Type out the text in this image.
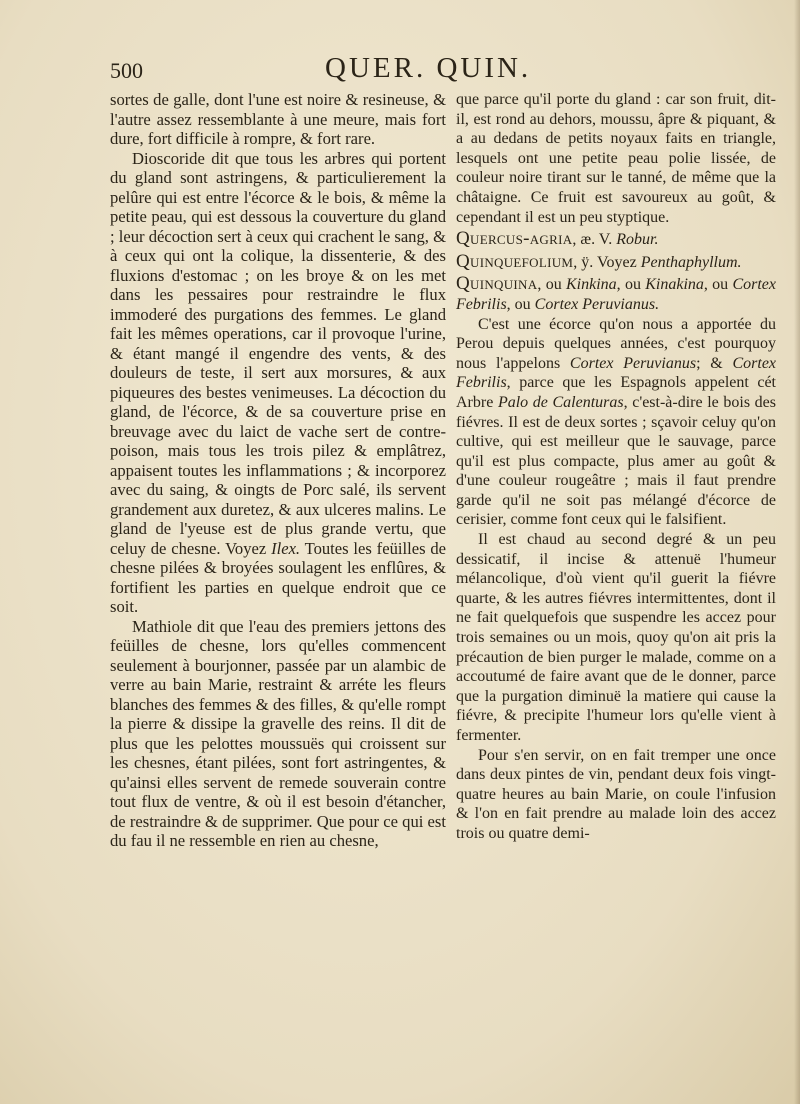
500	QUER. QUIN.

sortes de galle, dont l'une est noire & resineuse, & l'autre assez ressemblante à une meure, mais fort dure, fort difficile à rompre, & fort rare.

Dioscoride dit que tous les arbres qui portent du gland sont astringens, & particulierement la pelûre qui est entre l'écorce & le bois, & même la petite peau, qui est dessous la couverture du gland ; leur décoction sert à ceux qui crachent le sang, & à ceux qui ont la colique, la dissenterie, & des fluxions d'estomac ; on les broye & on les met dans les pessaires pour restraindre le flux immoderé des purgations des femmes. Le gland fait les mêmes operations, car il provoque l'urine, & étant mangé il engendre des vents, & des douleurs de teste, il sert aux morsures, & aux piqueures des bestes venimeuses. La décoction du gland, de l'écorce, & de sa couverture prise en breuvage avec du laict de vache sert de contre-poison, mais tous les trois pilez & emplâtrez, appaisent toutes les inflammations ; & incorporez avec du saing, & oingts de Porc salé, ils servent grandement aux duretez, & aux ulceres malins. Le gland de l'yeuse est de plus grande vertu, que celuy de chesne. Voyez Ilex. Toutes les feüilles de chesne pilées & broyées soulagent les enflûres, & fortifient les parties en quelque endroit que ce soit.

Mathiole dit que l'eau des premiers jettons des feüilles de chesne, lors qu'elles commencent seulement à bourjonner, passée par un alambic de verre au bain Marie, restraint & arréte les fleurs blanches des femmes & des filles, & qu'elle rompt la pierre & dissipe la gravelle des reins. Il dit de plus que les pelottes moussuës qui croissent sur les chesnes, étant pilées, sont fort astringentes, & qu'ainsi elles servent de remede souverain contre tout flux de ventre, & où il est besoin d'étancher, de restraindre & de supprimer. Que pour ce qui est du fau il ne ressemble en rien au chesne,

que parce qu'il porte du gland : car son fruit, dit-il, est rond au dehors, moussu, âpre & piquant, & a au dedans de petits noyaux faits en triangle, lesquels ont une petite peau polie lissée, de couleur noire tirant sur le tanné, de même que la châtaigne. Ce fruit est savoureux au goût, & cependant il est un peu styptique.

Quercus-agria, æ. V. Robur.

Quinquefolium, ÿ. Voyez Penthaphyllum.

Quinquina, ou Kinkina, ou Kinakina, ou Cortex Febrilis, ou Cortex Peruvianus.

C'est une écorce qu'on nous a apportée du Perou depuis quelques années, c'est pourquoy nous l'appelons Cortex Peruvianus; & Cortex Febrilis, parce que les Espagnols appelent cét Arbre Palo de Calenturas, c'est-à-dire le bois des fiévres. Il est de deux sortes ; sçavoir celuy qu'on cultive, qui est meilleur que le sauvage, parce qu'il est plus compacte, plus amer au goût & d'une couleur rougeâtre ; mais il faut prendre garde qu'il ne soit pas mélangé d'écorce de cerisier, comme font ceux qui le falsifient.

Il est chaud au second degré & un peu dessicatif, il incise & attenuë l'humeur mélancolique, d'où vient qu'il guerit la fiévre quarte, & les autres fiévres intermittentes, dont il ne fait quelquefois que suspendre les accez pour trois semaines ou un mois, quoy qu'on ait pris la précaution de bien purger le malade, comme on a accoutumé de faire avant que de le donner, parce que la purgation diminuë la matiere qui cause la fiévre, & precipite l'humeur lors qu'elle vient à fermenter.

Pour s'en servir, on en fait tremper une once dans deux pintes de vin, pendant deux fois vingt-quatre heures au bain Marie, on coule l'infusion & l'on en fait prendre au malade loin des accez trois ou quatre demi-
